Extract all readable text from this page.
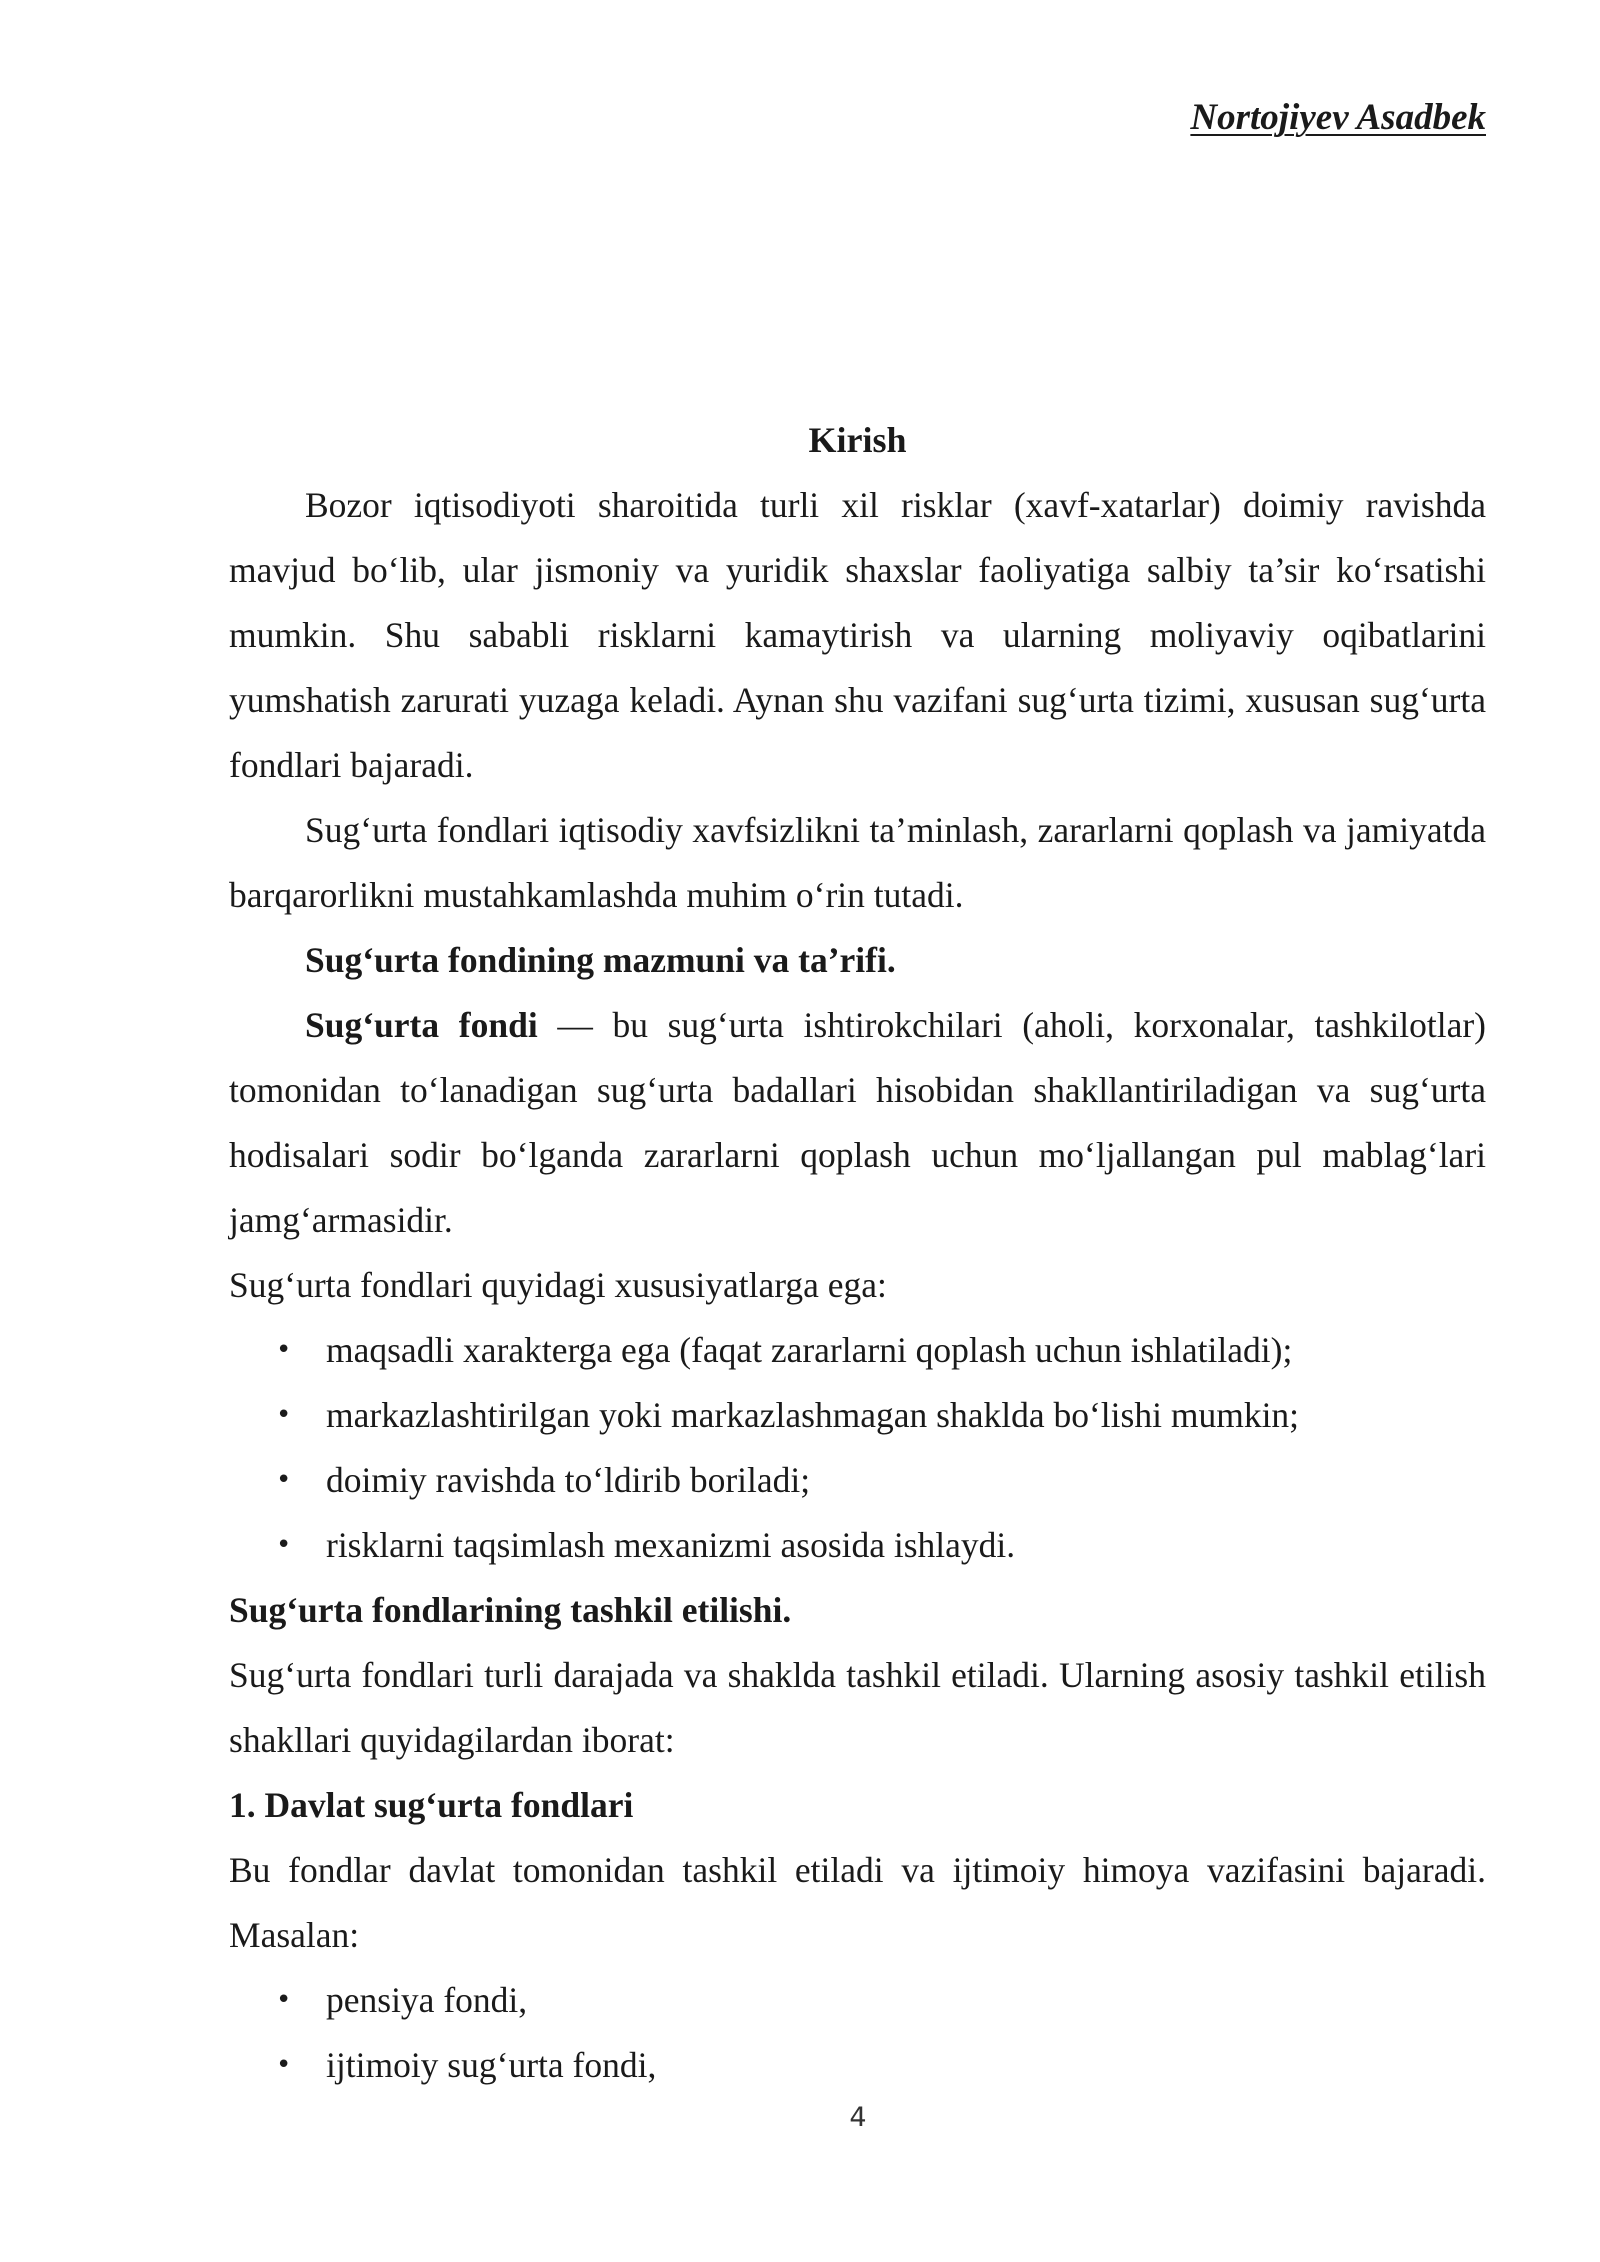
Nortojiyev Asadbek

Kirish

Bozor iqtisodiyoti sharoitida turli xil risklar (xavf-xatarlar) doimiy ravishda mavjud bo‘lib, ular jismoniy va yuridik shaxslar faoliyatiga salbiy ta’sir ko‘rsatishi mumkin. Shu sababli risklarni kamaytirish va ularning moliyaviy oqibatlarini yumshatish zarurati yuzaga keladi. Aynan shu vazifani sug‘urta tizimi, xususan sug‘urta fondlari bajaradi.

Sug‘urta fondlari iqtisodiy xavfsizlikni ta’minlash, zararlarni qoplash va jamiyatda barqarorlikni mustahkamlashda muhim o‘rin tutadi.

Sug‘urta fondining mazmuni va ta’rifi.

Sug‘urta fondi — bu sug‘urta ishtirokchilari (aholi, korxonalar, tashkilotlar) tomonidan to‘lanadigan sug‘urta badallari hisobidan shakllantiriladigan va sug‘urta hodisalari sodir bo‘lganda zararlarni qoplash uchun mo‘ljallangan pul mablag‘lari jamg‘armasidir.

Sug‘urta fondlari quyidagi xususiyatlarga ega:

• maqsadli xarakterga ega (faqat zararlarni qoplash uchun ishlatiladi);
• markazlashtirilgan yoki markazlashmagan shaklda bo‘lishi mumkin;
• doimiy ravishda to‘ldirib boriladi;
• risklarni taqsimlash mexanizmi asosida ishlaydi.

Sug‘urta fondlarining tashkil etilishi.

Sug‘urta fondlari turli darajada va shaklda tashkil etiladi. Ularning asosiy tashkil etilish shakllari quyidagilardan iborat:

1. Davlat sug‘urta fondlari

Bu fondlar davlat tomonidan tashkil etiladi va ijtimoiy himoya vazifasini bajaradi. Masalan:

• pensiya fondi,
• ijtimoiy sug‘urta fondi,
4
